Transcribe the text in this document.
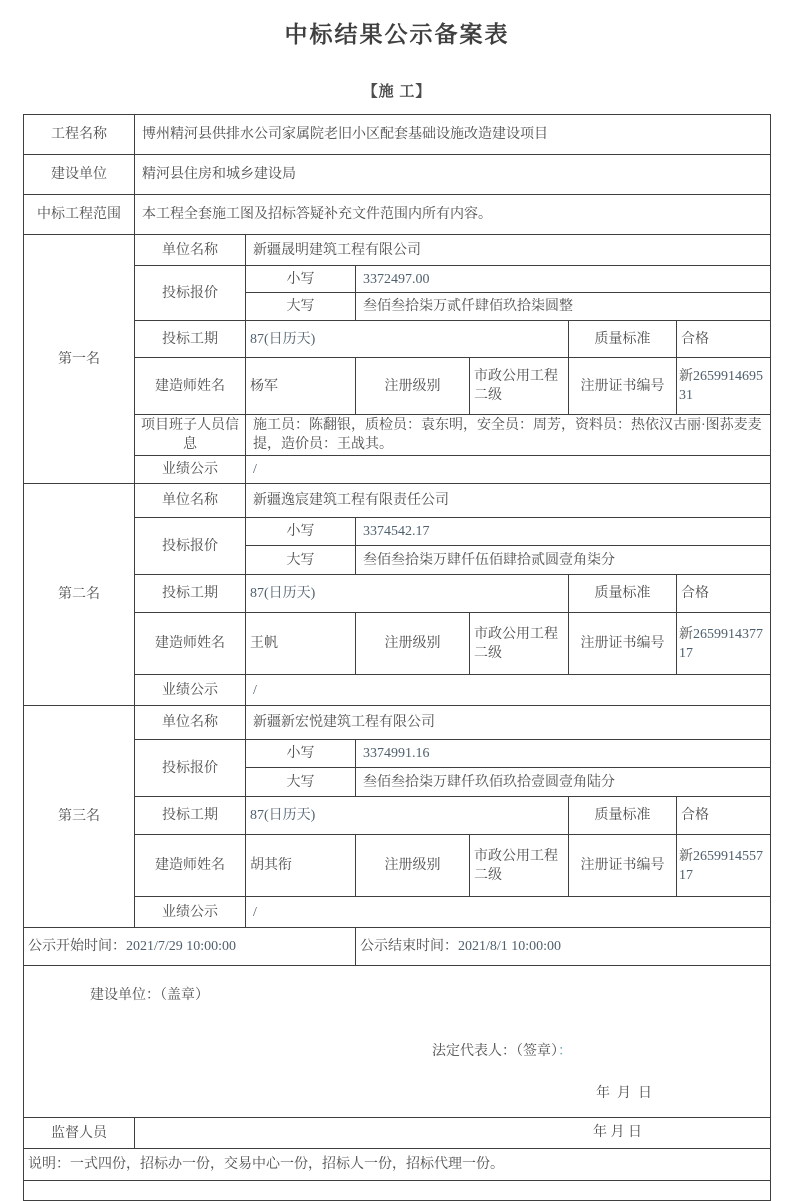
中标结果公示备案表
【施 工】
工程名称	博州精河县供排水公司家属院老旧小区配套基础设施改造建设项目					
建设单位	精河县住房和城乡建设局					
中标工程范围	本工程全套施工图及招标答疑补充文件范围内所有内容。					
第一名	单位名称	新疆晟明建筑工程有限公司				
	投标报价	小写	3372497.00			
		大写	叁佰叁拾柒万贰仟肆佰玖拾柒圆整			
	投标工期	87(日历天)			质量标准	合格
	建造师姓名	杨军	注册级别	市政公用工程二级	注册证书编号	新265991469531
	项目班子人员信息	施工员：陈翻银，质检员：袁东明，安全员：周芳，资料员：热依汉古丽·图荪麦麦提，造价员：王战其。				
	业绩公示	/				
第二名	单位名称	新疆逸宸建筑工程有限责任公司				
	投标报价	小写	3374542.17			
		大写	叁佰叁拾柒万肆仟伍佰肆拾贰圆壹角柒分			
	投标工期	87(日历天)			质量标准	合格
	建造师姓名	王帆	注册级别	市政公用工程二级	注册证书编号	新265991437717
	业绩公示	/				
第三名	单位名称	新疆新宏悦建筑工程有限公司				
	投标报价	小写	3374991.16			
		大写	叁佰叁拾柒万肆仟玖佰玖拾壹圆壹角陆分			
	投标工期	87(日历天)			质量标准	合格
	建造师姓名	胡其衔	注册级别	市政公用工程二级	注册证书编号	新265991455717
	业绩公示	/				
公示开始时间：2021/7/29 10:00:00			公示结束时间：2021/8/1 10:00:00			

建设单位：（盖章）
法定代表人：（签章）：
年  月  日						

监督人员	年 月 日					

说明：一式四份，招标办一份，交易中心一份，招标人一份，招标代理一份。						
